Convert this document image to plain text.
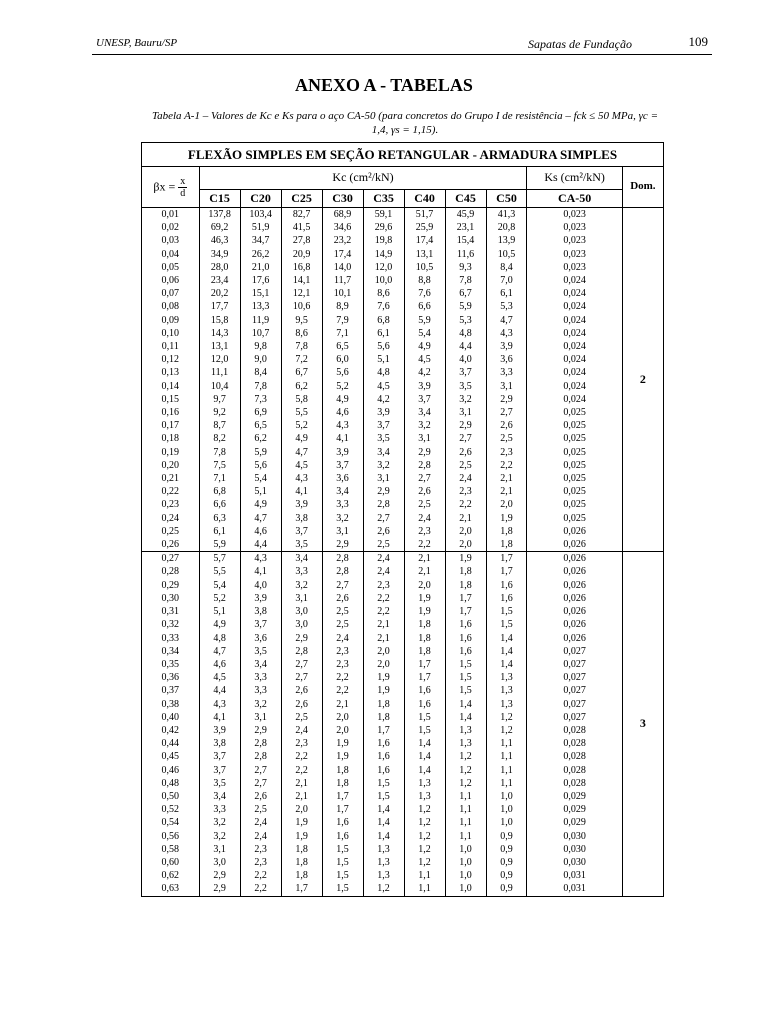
UNESP, Bauru/SP	Sapatas de Fundação	109
ANEXO A - TABELAS
Tabela A-1 – Valores de Kc e Ks para o aço CA-50 (para concretos do Grupo I de resistência – fck ≤ 50 MPa, γc = 1,4, γs = 1,15).
FLEXÃO SIMPLES EM SEÇÃO RETANGULAR - ARMADURA SIMPLES										
$\beta x = \frac{x}{d}$	Kc (cm²/kN)								Ks (cm²/kN)	Dom.
	C15	C20	C25	C30	C35	C40	C45	C50	CA-50	
0,01	137,8	103,4	82,7	68,9	59,1	51,7	45,9	41,3	0,023	2
0,02	69,2	51,9	41,5	34,6	29,6	25,9	23,1	20,8	0,023	
0,03	46,3	34,7	27,8	23,2	19,8	17,4	15,4	13,9	0,023	
0,04	34,9	26,2	20,9	17,4	14,9	13,1	11,6	10,5	0,023	
0,05	28,0	21,0	16,8	14,0	12,0	10,5	9,3	8,4	0,023	
0,06	23,4	17,6	14,1	11,7	10,0	8,8	7,8	7,0	0,024	
0,07	20,2	15,1	12,1	10,1	8,6	7,6	6,7	6,1	0,024	
0,08	17,7	13,3	10,6	8,9	7,6	6,6	5,9	5,3	0,024	
0,09	15,8	11,9	9,5	7,9	6,8	5,9	5,3	4,7	0,024	
0,10	14,3	10,7	8,6	7,1	6,1	5,4	4,8	4,3	0,024	
0,11	13,1	9,8	7,8	6,5	5,6	4,9	4,4	3,9	0,024	
0,12	12,0	9,0	7,2	6,0	5,1	4,5	4,0	3,6	0,024	
0,13	11,1	8,4	6,7	5,6	4,8	4,2	3,7	3,3	0,024	
0,14	10,4	7,8	6,2	5,2	4,5	3,9	3,5	3,1	0,024	
0,15	9,7	7,3	5,8	4,9	4,2	3,7	3,2	2,9	0,024	
0,16	9,2	6,9	5,5	4,6	3,9	3,4	3,1	2,7	0,025	
0,17	8,7	6,5	5,2	4,3	3,7	3,2	2,9	2,6	0,025	
0,18	8,2	6,2	4,9	4,1	3,5	3,1	2,7	2,5	0,025	
0,19	7,8	5,9	4,7	3,9	3,4	2,9	2,6	2,3	0,025	
0,20	7,5	5,6	4,5	3,7	3,2	2,8	2,5	2,2	0,025	
0,21	7,1	5,4	4,3	3,6	3,1	2,7	2,4	2,1	0,025	
0,22	6,8	5,1	4,1	3,4	2,9	2,6	2,3	2,1	0,025	
0,23	6,6	4,9	3,9	3,3	2,8	2,5	2,2	2,0	0,025	
0,24	6,3	4,7	3,8	3,2	2,7	2,4	2,1	1,9	0,025	
0,25	6,1	4,6	3,7	3,1	2,6	2,3	2,0	1,8	0,026	
0,26	5,9	4,4	3,5	2,9	2,5	2,2	2,0	1,8	0,026	
0,27	5,7	4,3	3,4	2,8	2,4	2,1	1,9	1,7	0,026	3
0,28	5,5	4,1	3,3	2,8	2,4	2,1	1,8	1,7	0,026	
0,29	5,4	4,0	3,2	2,7	2,3	2,0	1,8	1,6	0,026	
0,30	5,2	3,9	3,1	2,6	2,2	1,9	1,7	1,6	0,026	
0,31	5,1	3,8	3,0	2,5	2,2	1,9	1,7	1,5	0,026	
0,32	4,9	3,7	3,0	2,5	2,1	1,8	1,6	1,5	0,026	
0,33	4,8	3,6	2,9	2,4	2,1	1,8	1,6	1,4	0,026	
0,34	4,7	3,5	2,8	2,3	2,0	1,8	1,6	1,4	0,027	
0,35	4,6	3,4	2,7	2,3	2,0	1,7	1,5	1,4	0,027	
0,36	4,5	3,3	2,7	2,2	1,9	1,7	1,5	1,3	0,027	
0,37	4,4	3,3	2,6	2,2	1,9	1,6	1,5	1,3	0,027	
0,38	4,3	3,2	2,6	2,1	1,8	1,6	1,4	1,3	0,027	
0,40	4,1	3,1	2,5	2,0	1,8	1,5	1,4	1,2	0,027	
0,42	3,9	2,9	2,4	2,0	1,7	1,5	1,3	1,2	0,028	
0,44	3,8	2,8	2,3	1,9	1,6	1,4	1,3	1,1	0,028	
0,45	3,7	2,8	2,2	1,9	1,6	1,4	1,2	1,1	0,028	
0,46	3,7	2,7	2,2	1,8	1,6	1,4	1,2	1,1	0,028	
0,48	3,5	2,7	2,1	1,8	1,5	1,3	1,2	1,1	0,028	
0,50	3,4	2,6	2,1	1,7	1,5	1,3	1,1	1,0	0,029	
0,52	3,3	2,5	2,0	1,7	1,4	1,2	1,1	1,0	0,029	
0,54	3,2	2,4	1,9	1,6	1,4	1,2	1,1	1,0	0,029	
0,56	3,2	2,4	1,9	1,6	1,4	1,2	1,1	0,9	0,030	
0,58	3,1	2,3	1,8	1,5	1,3	1,2	1,0	0,9	0,030	
0,60	3,0	2,3	1,8	1,5	1,3	1,2	1,0	0,9	0,030	
0,62	2,9	2,2	1,8	1,5	1,3	1,1	1,0	0,9	0,031	
0,63	2,9	2,2	1,7	1,5	1,2	1,1	1,0	0,9	0,031	
